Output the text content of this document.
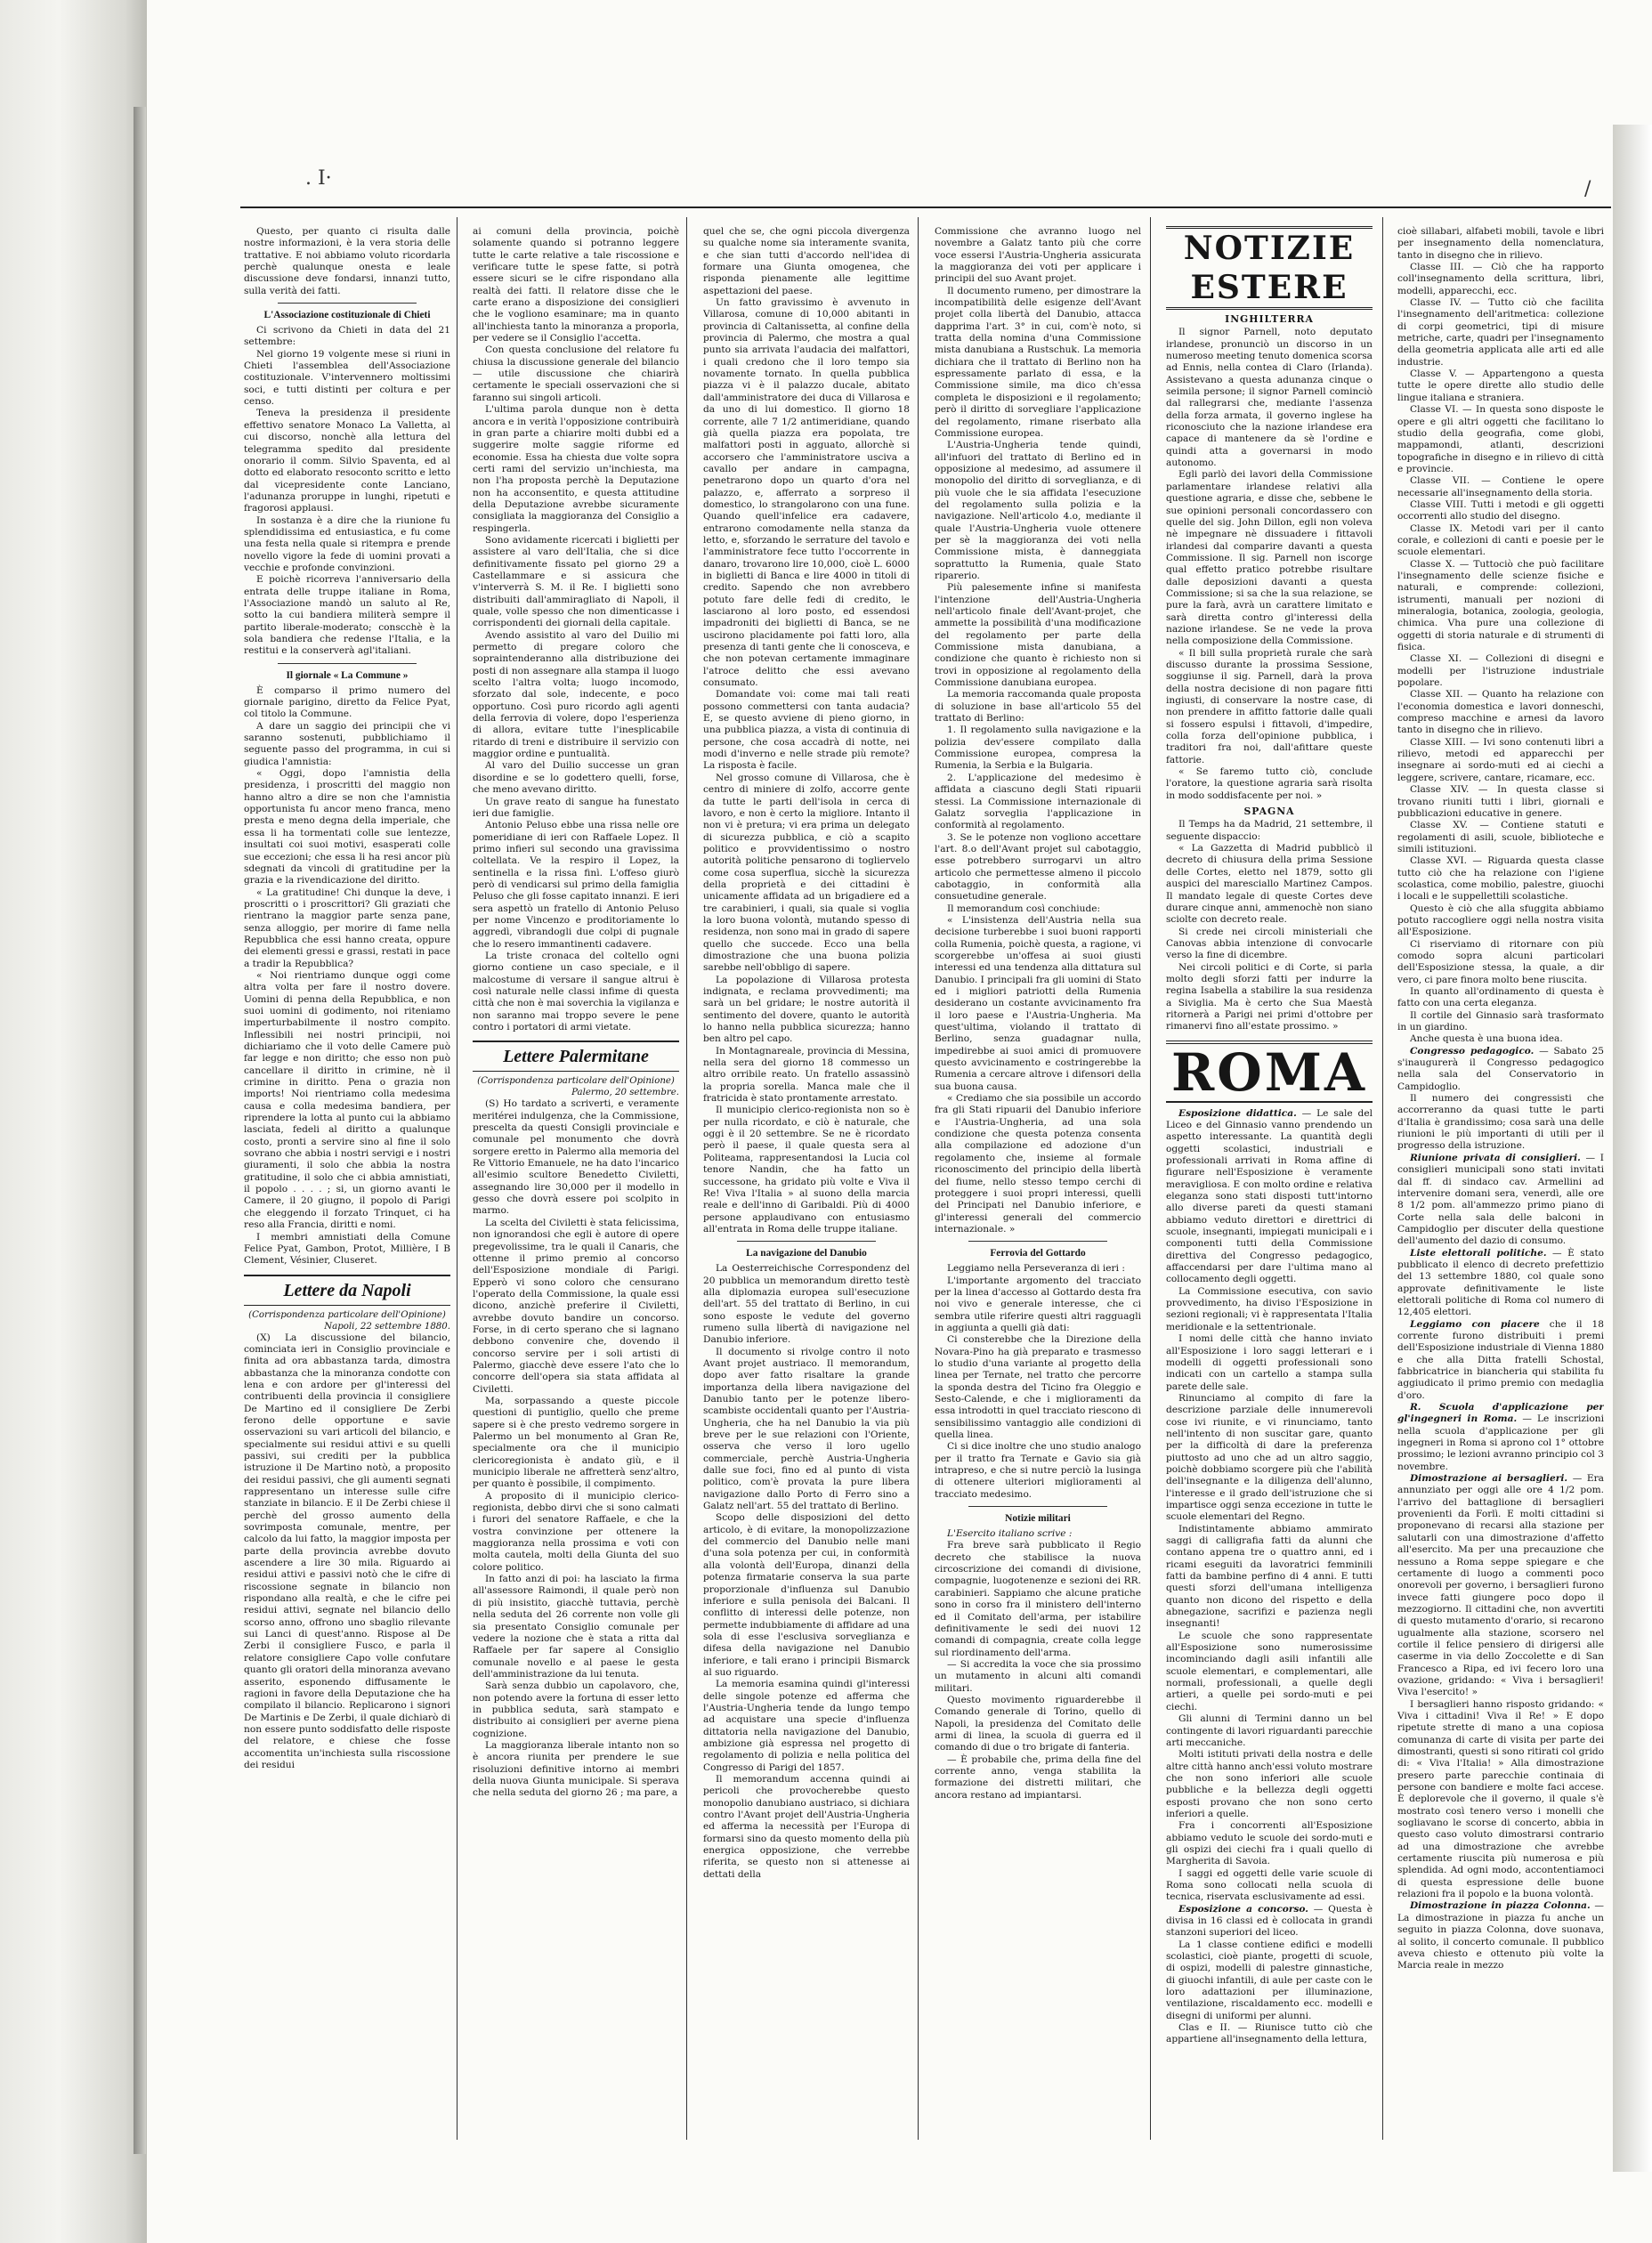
. I·	/

Questo, per quanto ci risulta dalle nostre informazioni, è la vera storia delle trattative. E noi abbiamo voluto ricordarla perchè qualunque onesta e leale discussione deve fondarsi, innanzi tutto, sulla verità dei fatti.

L'Associazione costituzionale di Chieti

Ci scrivono da Chieti in data del 21 settembre:

Nel giorno 19 volgente mese si riuni in Chieti l'assemblea dell'Associazione costituzionale. V'intervennero moltissimi soci, e tutti distinti per coltura e per censo.

Teneva la presidenza il presidente effettivo senatore Monaco La Valletta, al cui discorso, nonchè alla lettura del telegramma spedito dal presidente onorario il comm. Silvio Spaventa, ed al dotto ed elaborato resoconto scritto e letto dal vicepresidente conte Lanciano, l'adunanza proruppe in lunghi, ripetuti e fragorosi applausi.

In sostanza è a dire che la riunione fu splendidissima ed entusiastica, e fu come una festa nella quale si ritempra e prende novello vigore la fede di uomini provati a vecchie e profonde convinzioni.

E poichè ricorreva l'anniversario della entrata delle truppe italiane in Roma, l'Associazione mandò un saluto al Re, sotto la cui bandiera militerà sempre il partito liberale-moderato; conscchè è la sola bandiera che redense l'Italia, e la restitui e la conserverà agl'italiani.

Il giornale « La Commune »

È comparso il primo numero del giornale parigino, diretto da Felice Pyat, col titolo la Commune.

A dare un saggio dei principii che vi saranno sostenuti, pubblichiamo il seguente passo del programma, in cui si giudica l'amnistia:

« Oggi, dopo l'amnistia della presidenza, i proscritti del maggio non hanno altro a dire se non che l'amnistia opportunista fu ancor meno franca, meno presta e meno degna della imperiale, che essa li ha tormentati colle sue lentezze, insultati coi suoi motivi, esasperati colle sue eccezioni; che essa li ha resi ancor più sdegnati da vincoli di gratitudine per la grazia e la rivendicazione del diritto.

« La gratitudine! Chi dunque la deve, i proscritti o i proscrittori? Gli graziati che rientrano la maggior parte senza pane, senza alloggio, per morire di fame nella Repubblica che essi hanno creata, oppure dei elementi gressi e grassi, restati in pace a tradir la Repubblica?

« Noi rientriamo dunque oggi come altra volta per fare il nostro dovere. Uomini di penna della Repubblica, e non suoi uomini di godimento, noi riteniamo imperturbabilmente il nostro compito. Inflessibili nei nostri principii, noi dichiariamo che il voto delle Camere può far legge e non diritto; che esso non può cancellare il diritto in crimine, nè il crimine in diritto. Pena o grazia non imports! Noi rientriamo colla medesima causa e colla medesima bandiera, per riprendere la lotta al punto cui la abbiamo lasciata, fedeli al diritto a qualunque costo, pronti a servire sino al fine il solo sovrano che abbia i nostri servigi e i nostri giuramenti, il solo che abbia la nostra gratitudine, il solo che ci abbia amnistiati, il popolo . . . . ; si, un giorno avanti le Camere, il 20 giugno, il popolo di Parigi che eleggendo il forzato Trinquet, ci ha reso alla Francia, diritti e nomi.

I membri amnistiati della Comune Felice Pyat, Gambon, Protot, Millière, I B Clement, Vésinier, Cluseret.

Lettere da Napoli
(Corrispondenza particolare dell'Opinione)
Napoli, 22 settembre 1880.

(X) La discussione del bilancio, cominciata ieri in Consiglio provinciale e finita ad ora abbastanza tarda, dimostra abbastanza che la minoranza condotte con lena e con ardore per gl'interessi del contribuenti della provincia il consigliere De Martino ed il consigliere De Zerbi ferono delle opportune e savie osservazioni su vari articoli del bilancio, e specialmente sui residui attivi e su quelli passivi, sui crediti per la pubblica istruzione il De Martino notò, a proposito dei residui passivi, che gli aumenti segnati rappresentano un interesse sulle cifre stanziate in bilancio. E il De Zerbi chiese il perchè del grosso aumento della sovrimposta comunale, mentre, per calcolo da lui fatto, la maggior imposta per parte della provincia avrebbe dovuto ascendere a lire 30 mila. Riguardo ai residui attivi e passivi notò che le cifre di riscossione segnate in bilancio non rispondano alla realtà, e che le cifre pei residui attivi, segnate nel bilancio dello scorso anno, offrono uno sbaglio rilevante sui Lanci di quest'anno. Rispose al De Zerbi il consigliere Fusco, e parla il relatore consigliere Capo volle confutare quanto gli oratori della minoranza avevano asserito, esponendo diffusamente le ragioni in favore della Deputazione che ha compilato il bilancio. Replicarono i signori De Martinis e De Zerbi, il quale dichiarò di non essere punto soddisfatto delle risposte del relatore, e chiese che fosse accomentita un'inchiesta sulla riscossione dei residui

ai comuni della provincia, poichè solamente quando si potranno leggere tutte le carte relative a tale riscossione e verificare tutte le spese fatte, si potrà essere sicuri se le cifre rispondano alla realtà dei fatti. Il relatore disse che le carte erano a disposizione dei consiglieri che le vogliono esaminare; ma in quanto all'inchiesta tanto la minoranza a proporla, per vedere se il Consiglio l'accetta.

Con questa conclusione del relatore fu chiusa la discussione generale del bilancio — utile discussione che chiarirà certamente le speciali osservazioni che si faranno sui singoli articoli.

L'ultima parola dunque non è detta ancora e in verità l'opposizione contribuirà in gran parte a chiarire molti dubbi ed a suggerire molte saggie riforme ed economie. Essa ha chiesta due volte sopra certi rami del servizio un'inchiesta, ma non l'ha proposta perchè la Deputazione non ha acconsentito, e questa attitudine della Deputazione avrebbe sicuramente consigliata la maggioranza del Consiglio a respingerla.

Sono avidamente ricercati i biglietti per assistere al varo dell'Italia, che si dice definitivamente fissato pel giorno 29 a Castellammare e si assicura che v'interverrà S. M. il Re. I biglietti sono distribuiti dall'ammiragliato di Napoli, il quale, volle spesso che non dimenticasse i corrispondenti dei giornali della capitale.

Avendo assistito al varo del Duilio mi permetto di pregare coloro che sopraintenderanno alla distribuzione dei posti di non assegnare alla stampa il luogo scelto l'altra volta; luogo incomodo, sforzato dal sole, indecente, e poco opportuno. Così puro ricordo agli agenti della ferrovia di volere, dopo l'esperienza di allora, evitare tutte l'inesplicabile ritardo di treni e distribuire il servizio con maggior ordine e puntualità.

Al varo del Duilio successe un gran disordine e se lo godettero quelli, forse, che meno avevano diritto.

Un grave reato di sangue ha funestato ieri due famiglie.

Antonio Peluso ebbe una rissa nelle ore pomeridiane di ieri con Raffaele Lopez. Il primo infieri sul secondo una gravissima coltellata. Ve la respiro il Lopez, la sentinella e la rissa finì. L'offeso giurò però di vendicarsi sul primo della famiglia Peluso che gli fosse capitato innanzi. E ieri sera aspettò un fratello di Antonio Peluso per nome Vincenzo e proditoriamente lo aggredì, vibrandogli due colpi di pugnale che lo resero immantinenti cadavere.

La triste cronaca del coltello ogni giorno contiene un caso speciale, e il malcostume di versare il sangue altrui è così naturale nelle classi infime di questa città che non è mai soverchia la vigilanza e non saranno mai troppo severe le pene contro i portatori di armi vietate.

Lettere Palermitane
(Corrispondenza particolare dell'Opinione)
Palermo, 20 settembre.

(S) Ho tardato a scriverti, e veramente meritérei indulgenza, che la Commissione, prescelta da questi Consigli provinciale e comunale pel monumento che dovrà sorgere eretto in Palermo alla memoria del Re Vittorio Emanuele, ne ha dato l'incarico all'esimio scultore Benedetto Civiletti, assegnando lire 30,000 per il modello in gesso che dovrà essere poi scolpito in marmo.

La scelta del Civiletti è stata felicissima, non ignorandosi che egli è autore di opere pregevolissime, tra le quali il Canaris, che ottenne il primo premio al concorso dell'Esposizione mondiale di Parigi. Epperò vi sono coloro che censurano l'operato della Commissione, la quale essi dicono, anzichè preferire il Civiletti, avrebbe dovuto bandire un concorso. Forse, in di certo sperano che si lagnano debbono convenire che, dovendo il concorso servire per i soli artisti di Palermo, giacchè deve essere l'ato che lo concorre dell'opera sia stata affidata al Civiletti.

Ma, sorpassando a queste piccole questioni di puntiglio, quello che preme sapere si è che presto vedremo sorgere in Palermo un bel monumento al Gran Re, specialmente ora che il municipio clericoregionista è andato giù, e il municipio liberale ne affretterà senz'altro, per quanto è possibile, il compimento.

A proposito di il municipio clerico-regionista, debbo dirvi che si sono calmati i furori del senatore Raffaele, e che la vostra convinzione per ottenere la maggioranza nella prossima e voti con molta cautela, molti della Giunta del suo colore politico.

In fatto anzi di poi: ha lasciato la firma all'assessore Raimondi, il quale però non di più insistito, giacchè tuttavia, perchè nella seduta del 26 corrente non volle gli sia presentato Consiglio comunale per vedere la nozione che è stata a ritta dal Raffaele per far sapere al Consiglio comunale novello e al paese le gesta dell'amministrazione da lui tenuta.

Sarà senza dubbio un capolavoro, che, non potendo avere la fortuna di esser letto in pubblica seduta, sarà stampato e distribuito ai consiglieri per averne piena cognizione.

La maggioranza liberale intanto non so è ancora riunita per prendere le sue risoluzioni definitive intorno ai membri della nuova Giunta municipale. Si sperava che nella seduta del giorno 26 ; ma pare, a

quel che se, che ogni piccola divergenza su qualche nome sia interamente svanita, e che sian tutti d'accordo nell'idea di formare una Giunta omogenea, che risponda pienamente alle legittime aspettazioni del paese.

Un fatto gravissimo è avvenuto in Villarosa, comune di 10,000 abitanti in provincia di Caltanissetta, al confine della provincia di Palermo, che mostra a qual punto sia arrivata l'audacia dei malfattori, i quali credono che il loro tempo sia novamente tornato. In quella pubblica piazza vi è il palazzo ducale, abitato dall'amministratore dei duca di Villarosa e da uno di lui domestico. Il giorno 18 corrente, alle 7 1/2 antimeridiane, quando già quella piazza era popolata, tre malfattori posti in agguato, allorchè si accorsero che l'amministratore usciva a cavallo per andare in campagna, penetrarono dopo un quarto d'ora nel palazzo, e, afferrato a sorpreso il domestico, lo strangolarono con una fune. Quando quell'infelice era cadavere, entrarono comodamente nella stanza da letto, e, sforzando le serrature del tavolo e l'amministratore fece tutto l'occorrente in danaro, trovarono lire 10,000, cioè L. 6000 in biglietti di Banca e lire 4000 in titoli di credito. Sapendo che non avrebbero potuto fare delle fedi di credito, le lasciarono al loro posto, ed essendosi impadroniti dei biglietti di Banca, se ne uscirono placidamente poi fatti loro, alla presenza di tanti gente che li conosceva, e che non potevan certamente immaginare l'atroce delitto che essi avevano consumato.

Domandate voi: come mai tali reati possono commettersi con tanta audacia? E, se questo avviene di pieno giorno, in una pubblica piazza, a vista di continuia di persone, che cosa accadrà di notte, nei modi d'inverno e nelle strade più remote? La risposta è facile.

Nel grosso comune di Villarosa, che è centro di miniere di zolfo, accorre gente da tutte le parti dell'isola in cerca di lavoro, e non è certo la migliore. Intanto il non vi è pretura; vi era prima un delegato di sicurezza pubblica, e ciò a scapito politico e provvidentissimo o nostro autorità politiche pensarono di togliervelo come cosa superflua, sicchè la sicurezza della proprietà e dei cittadini è unicamente affidata ad un brigadiere ed a tre carabinieri, i quali, sia quale si voglia la loro buona volontà, mutando spesso di residenza, non sono mai in grado di sapere quello che succede. Ecco una bella dimostrazione che una buona polizia sarebbe nell'obbligo di sapere.

La popolazione di Villarosa protesta indignata, e reclama provvedimenti; ma sarà un bel gridare; le nostre autorità il sentimento del dovere, quanto le autorità lo hanno nella pubblica sicurezza; hanno ben altro pel capo.

In Montagnareale, provincia di Messina, nella sera del giorno 18 commesso un altro orribile reato. Un fratello assassinò la propria sorella. Manca male che il fratricida è stato prontamente arrestato.

Il municipio clerico-regionista non so è per nulla ricordato, e ciò è naturale, che oggi è il 20 settembre. Se ne è ricordato però il paese, il quale questa sera al Politeama, rappresentandosi la Lucia col tenore Nandin, che ha fatto un successone, ha gridato più volte e Viva il Re! Viva l'Italia » al suono della marcia reale e dell'inno di Garibaldi. Più di 4000 persone applaudivano con entusiasmo all'entrata in Roma delle truppe italiane.

La navigazione del Danubio

La Oesterreichische Correspondenz del 20 pubblica un memorandum diretto testè alla diplomazia europea sull'esecuzione dell'art. 55 del trattato di Berlino, in cui sono esposte le vedute del governo rumeno sulla libertà di navigazione nel Danubio inferiore.

Il documento si rivolge contro il noto Avant projet austriaco. Il memorandum, dopo aver fatto risaltare la grande importanza della libera navigazione del Danubio tanto per le potenze libero-scambiste occidentali quanto per l'Austria-Ungheria, che ha nel Danubio la via più breve per le sue relazioni con l'Oriente, osserva che verso il loro ugello commerciale, perchè Austria-Ungheria dalle sue foci, fino ed al punto di vista politico, com'è provata la pure libera navigazione dallo Porto di Ferro sino a Galatz nell'art. 55 del trattato di Berlino.

Scopo delle disposizioni del detto articolo, è di evitare, la monopolizzazione del commercio del Danubio nelle mani d'una sola potenza per cui, in conformità alla volontà dell'Europa, dinanzi della potenza firmatarie conserva la sua parte proporzionale d'influenza sul Danubio inferiore e sulla penisola dei Balcani. Il conflitto di interessi delle potenze, non permette indubbiamente di affidare ad una sola di esse l'esclusiva sorveglianza e difesa della navigazione nel Danubio inferiore, e tali erano i principii Bismarck al suo riguardo.

La memoria esamina quindi gl'interessi delle singole potenze ed afferma che l'Austria-Ungheria tende da lungo tempo ad acquistare una specie d'influenza dittatoria nella navigazione del Danubio, ambizione già espressa nel progetto di regolamento di polizia e nella politica del Congresso di Parigi del 1857.

Il memorandum accenna quindi ai pericoli che provocherebbe questo monopolio danubiano austriaco, si dichiara contro l'Avant projet dell'Austria-Ungheria ed afferma la necessità per l'Europa di formarsi sino da questo momento della più energica opposizione, che verrebbe riferita, se questo non si attenesse ai dettati della

Commissione che avranno luogo nel novembre a Galatz tanto più che corre voce essersi l'Austria-Ungheria assicurata la maggioranza dei voti per applicare i principii del suo Avant projet.

Il documento rumeno, per dimostrare la incompatibilità delle esigenze dell'Avant projet colla libertà del Danubio, attacca dapprima l'art. 3° in cui, com'è noto, si tratta della nomina d'una Commissione mista danubiana a Rustschuk. La memoria dichiara che il trattato di Berlino non ha espressamente parlato di essa, e la Commissione simile, ma dico ch'essa completa le disposizioni e il regolamento; però il diritto di sorvegliare l'applicazione del regolamento, rimane riserbato alla Commissione europea.

L'Austria-Ungheria tende quindi, all'infuori del trattato di Berlino ed in opposizione al medesimo, ad assumere il monopolio del diritto di sorveglianza, e di più vuole che le sia affidata l'esecuzione del regolamento sulla polizia e la navigazione. Nell'articolo 4.o, mediante il quale l'Austria-Ungheria vuole ottenere per sè la maggioranza dei voti nella Commissione mista, è danneggiata soprattutto la Rumenia, quale Stato riparerio.

Più palesemente infine si manifesta l'intenzione dell'Austria-Ungheria nell'articolo finale dell'Avant-projet, che ammette la possibilità d'una modificazione del regolamento per parte della Commissione mista danubiana, a condizione che quanto è richiesto non si trovi in opposizione al regolamento della Commissione danubiana europea.

La memoria raccomanda quale proposta di soluzione in base all'articolo 55 del trattato di Berlino:

1. Il regolamento sulla navigazione e la polizia dev'essere compilato dalla Commissione europea, compresa la Rumenia, la Serbia e la Bulgaria.

2. L'applicazione del medesimo è affidata a ciascuno degli Stati ripuarii stessi. La Commissione internazionale di Galatz sorveglia l'applicazione in conformità al regolamento.

3. Se le potenze non vogliono accettare l'art. 8.o dell'Avant projet sul cabotaggio, esse potrebbero surrogarvi un altro articolo che permettesse almeno il piccolo cabotaggio, in conformità alla consuetudine generale.

Il memorandum così conchiude:

« L'insistenza dell'Austria nella sua decisione turberebbe i suoi buoni rapporti colla Rumenia, poichè questa, a ragione, vi scorgerebbe un'offesa ai suoi giusti interessi ed una tendenza alla dittatura sul Danubio. I principali fra gli uomini di Stato ed i migliori patriotti della Rumenia desiderano un costante avvicinamento fra il loro paese e l'Austria-Ungheria. Ma quest'ultima, violando il trattato di Berlino, senza guadagnar nulla, impedirebbe ai suoi amici di promuovere questo avvicinamento e costringerebbe la Rumenia a cercare altrove i difensori della sua buona causa.

« Crediamo che sia possibile un accordo fra gli Stati ripuarii del Danubio inferiore e l'Austria-Ungheria, ad una sola condizione che questa potenza consenta alla compilazione ed adozione d'un regolamento che, insieme al formale riconoscimento del principio della libertà del fiume, nello stesso tempo cerchi di proteggere i suoi propri interessi, quelli del Principati nel Danubio inferiore, e gl'interessi generali del commercio internazionale. »

Ferrovia del Gottardo

Leggiamo nella Perseveranza di ieri :

L'importante argomento del tracciato per la linea d'accesso al Gottardo desta fra noi vivo e generale interesse, che ci sembra utile riferire questi altri ragguagli in aggiunta a quelli già dati:

Ci consterebbe che la Direzione della Novara-Pino ha già preparato e trasmesso lo studio d'una variante al progetto della linea per Ternate, nel tratto che percorre la sponda destra del Ticino fra Oleggio e Sesto-Calende, e che i miglioramenti da essa introdotti in quel tracciato riescono di sensibilissimo vantaggio alle condizioni di quella linea.

Ci si dice inoltre che uno studio analogo per il tratto fra Ternate e Gavio sia già intrapreso, e che si nutre perciò la lusinga di ottenere ulteriori miglioramenti al tracciato medesimo.

Notizie militari

L'Esercito italiano scrive :

Fra breve sarà pubblicato il Regio decreto che stabilisce la nuova circoscrizione dei comandi di divisione, compagnie, luogotenenze e sezioni dei RR. carabinieri. Sappiamo che alcune pratiche sono in corso fra il ministero dell'interno ed il Comitato dell'arma, per istabilire definitivamente le sedi dei nuovi 12 comandi di compagnia, create colla legge sul riordinamento dell'arma.

— Si accredita la voce che sia prossimo un mutamento in alcuni alti comandi militari.

Questo movimento riguarderebbe il Comando generale di Torino, quello di Napoli, la presidenza del Comitato delle armi di linea, la scuola di guerra ed il comando di due o tro brigate di fanteria.

— È probabile che, prima della fine del corrente anno, venga stabilita la formazione dei distretti militari, che ancora restano ad impiantarsi.

NOTIZIE ESTERE
INGHILTERRA

Il signor Parnell, noto deputato irlandese, pronunciò un discorso in un numeroso meeting tenuto domenica scorsa ad Ennis, nella contea di Claro (Irlanda). Assistevano a questa adunanza cinque o seimila persone; il signor Parnell cominciò dal rallegrarsi che, mediante l'assenza della forza armata, il governo inglese ha riconosciuto che la nazione irlandese era capace di mantenere da sè l'ordine e quindi atta a governarsi in modo autonomo.

Egli parlò dei lavori della Commissione parlamentare irlandese relativi alla questione agraria, e disse che, sebbene le sue opinioni personali concordassero con quelle del sig. John Dillon, egli non voleva nè impegnare nè dissuadere i fittavoli irlandesi dal comparire davanti a questa Commissione. Il sig. Parnell non iscorge qual effetto pratico potrebbe risultare dalle deposizioni davanti a questa Commissione; si sa che la sua relazione, se pure la farà, avrà un carattere limitato e sarà diretta contro gl'interessi della nazione irlandese. Se ne vede la prova nella composizione della Commissione.

« Il bill sulla proprietà rurale che sarà discusso durante la prossima Sessione, soggiunse il sig. Parnell, darà la prova della nostra decisione di non pagare fitti ingiusti, di conservare la nostre case, di non prendere in affitto fattorie dalle quali si fossero espulsi i fittavoli, d'impedire, colla forza dell'opinione pubblica, i traditori fra noi, dall'afittare queste fattorie.

« Se faremo tutto ciò, conclude l'oratore, la questione agraria sarà risolta in modo soddisfacente per noi. »

SPAGNA

Il Temps ha da Madrid, 21 settembre, il seguente dispaccio:

« La Gazzetta di Madrid pubblicò il decreto di chiusura della prima Sessione delle Cortes, eletto nel 1879, sotto gli auspici del maresciallo Martinez Campos. Il mandato legale di queste Cortes deve durare cinque anni, ammenochè non siano sciolte con decreto reale.

Si crede nei circoli ministeriali che Canovas abbia intenzione di convocarle verso la fine di dicembre.

Nei circoli politici e di Corte, si parla molto degli sforzi fatti per indurre la regina Isabella a stabilire la sua residenza a Siviglia. Ma è certo che Sua Maestà ritornerà a Parigi nei primi d'ottobre per rimanervi fino all'estate prossimo. »

ROMA

Esposizione didattica. — Le sale del Liceo e del Ginnasio vanno prendendo un aspetto interessante. La quantità degli oggetti scolastici, industriali e professionali arrivati in Roma affine di figurare nell'Esposizione è veramente meravigliosa. E con molto ordine e relativa eleganza sono stati disposti tutt'intorno allo diverse pareti da questi stamani abbiamo veduto direttori e direttrici di scuole, insegnanti, impiegati municipali e i componenti tutti della Commissione direttiva del Congresso pedagogico, affaccendarsi per dare l'ultima mano al collocamento degli oggetti.

La Commissione esecutiva, con savio provvedimento, ha diviso l'Esposizione in sezioni regionali; vi è rappresentata l'Italia meridionale e la settentrionale.

I nomi delle città che hanno inviato all'Esposizione i loro saggi letterari e i modelli di oggetti professionali sono indicati con un cartello a stampa sulla parete delle sale.

Rinunciamo al compito di fare la descrizione parziale delle innumerevoli cose ivi riunite, e vi rinunciamo, tanto nell'intento di non suscitar gare, quanto per la difficoltà di dare la preferenza piuttosto ad uno che ad un altro saggio, poichè dobbiamo scorgere più che l'abilità dell'insegnante e la diligenza dell'alunno, l'interesse e il grado dell'istruzione che si impartisce oggi senza eccezione in tutte le scuole elementari del Regno.

Indistintamente abbiamo ammirato saggi di calligrafia fatti da alunni che contano appena tre o quattro anni, ed i ricami eseguiti da lavoratrici femminili fatti da bambine perfino di 4 anni. E tutti questi sforzi dell'umana intelligenza quanto non dicono del rispetto e della abnegazione, sacrifizi e pazienza negli insegnanti!

Le scuole che sono rappresentate all'Esposizione sono numerosissime incominciando dagli asili infantili alle scuole elementari, e complementari, alle normali, professionali, a quelle degli artieri, a quelle pei sordo-muti e pei ciechi.

Gli alunni di Termini danno un bel contingente di lavori riguardanti parecchie arti meccaniche.

Molti istituti privati della nostra e delle altre città hanno anch'essi voluto mostrare che non sono inferiori alle scuole pubbliche e la bellezza degli oggetti esposti provano che non sono certo inferiori a quelle.

Fra i concorrenti all'Esposizione abbiamo veduto le scuole dei sordo-muti e gli ospizi dei ciechi fra i quali quello di Margherita di Savoia.

I saggi ed oggetti delle varie scuole di Roma sono collocati nella scuola di tecnica, riservata esclusivamente ad essi.

Esposizione a concorso. — Questa è divisa in 16 classi ed è collocata in grandi stanzoni superiori del liceo.

La 1 classe contiene edifici e modelli scolastici, cioè piante, progetti di scuole, di ospizi, modelli di palestre ginnastiche, di giuochi infantili, di aule per caste con le loro adattazioni per illuminazione, ventilazione, riscaldamento ecc. modelli e disegni di uniformi per alunni.

Clas e II. — Riunisce tutto ciò che appartiene all'insegnamento della lettura,

cioè sillabari, alfabeti mobili, tavole e libri per insegnamento della nomenclatura, tanto in disegno che in rilievo.

Classe III. — Ciò che ha rapporto coll'insegnamento della scrittura, libri, modelli, apparecchi, ecc.

Classe IV. — Tutto ciò che facilita l'insegnamento dell'aritmetica: collezione di corpi geometrici, tipi di misure metriche, carte, quadri per l'insegnamento della geometria applicata alle arti ed alle industrie.

Classe V. — Appartengono a questa tutte le opere dirette allo studio delle lingue italiana e straniera.

Classe VI. — In questa sono disposte le opere e gli altri oggetti che facilitano lo studio della geografia, come globi, mappamondi, atlanti, descrizioni topografiche in disegno e in rilievo di città e provincie.

Classe VII. — Contiene le opere necessarie all'insegnamento della storia.

Classe VIII. Tutti i metodi e gli oggetti occorrenti allo studio del disegno.

Classe IX. Metodi vari per il canto corale, e collezioni di canti e poesie per le scuole elementari.

Classe X. — Tuttociò che può facilitare l'insegnamento delle scienze fisiche e naturali, e comprende: collezioni, istrumenti, manuali per nozioni di mineralogia, botanica, zoologia, geologia, chimica. Vha pure una collezione di oggetti di storia naturale e di strumenti di fisica.

Classe XI. — Collezioni di disegni e modelli per l'istruzione industriale popolare.

Classe XII. — Quanto ha relazione con l'economia domestica e lavori donneschi, compreso macchine e arnesi da lavoro tanto in disegno che in rilievo.

Classe XIII. — Ivi sono contenuti libri a rilievo, metodi ed apparecchi per insegnare ai sordo-muti ed ai ciechi a leggere, scrivere, cantare, ricamare, ecc.

Classe XIV. — In questa classe si trovano riuniti tutti i libri, giornali e pubblicazioni educative in genere.

Classe XV. — Contiene statuti e regolamenti di asili, scuole, biblioteche e simili istituzioni.

Classe XVI. — Riguarda questa classe tutto ciò che ha relazione con l'igiene scolastica, come mobilio, palestre, giuochi i locali e le suppellettili scolastiche.

Questo è ciò che alla sfuggita abbiamo potuto raccogliere oggi nella nostra visita all'Esposizione.

Ci riserviamo di ritornare con più comodo sopra alcuni particolari dell'Esposizione stessa, la quale, a dir vero, ci pare finora molto bene riuscita.

In quanto all'ordinamento di questa è fatto con una certa eleganza.

Il cortile del Ginnasio sarà trasformato in un giardino.

Anche questa è una buona idea.

Congresso pedagogico. — Sabato 25 s'inaugurerà il Congresso pedagogico nella sala del Conservatorio in Campidoglio.

Il numero dei congressisti che accorreranno da quasi tutte le parti d'Italia è grandissimo; cosa sarà una delle riunioni le più importanti di utili per il progresso della istruzione.

Riunione privata di consiglieri. — I consiglieri municipali sono stati invitati dal ff. di sindaco cav. Armellini ad intervenire domani sera, venerdì, alle ore 8 1/2 pom. all'ammezzo primo piano di Corte nella sala delle balconi in Campidoglio per discuter della questione dell'aumento del dazio di consumo.

Liste elettorali politiche. — È stato pubblicato il elenco di decreto prefettizio del 13 settembre 1880, col quale sono approvate definitivamente le liste elettorali politiche di Roma col numero di 12,405 elettori.

Leggiamo con piacere che il 18 corrente furono distribuiti i premi dell'Esposizione industriale di Vienna 1880 e che alla Ditta fratelli Schostal, fabbricatrice in biancheria qui stabilita fu aggiudicato il primo premio con medaglia d'oro.

R. Scuola d'applicazione per gl'ingegneri in Roma. — Le inscrizioni nella scuola d'applicazione per gli ingegneri in Roma si aprono col 1° ottobre prossimo; le lezioni avranno principio col 3 novembre.

Dimostrazione ai bersaglieri. — Era annunziato per oggi alle ore 4 1/2 pom. l'arrivo del battaglione di bersaglieri provenienti da Forlì. E molti cittadini si proponevano di recarsi alla stazione per salutarli con una dimostrazione d'affetto all'esercito. Ma per una precauzione che nessuno a Roma seppe spiegare e che certamente di luogo a commenti poco onorevoli per governo, i bersaglieri furono invece fatti giungere poco dopo il mezzogiorno. Il cittadini che, non avvertiti di questo mutamento d'orario, si recarono ugualmente alla stazione, scorsero nel cortile il felice pensiero di dirigersi alle caserme in via dello Zoccolette e di San Francesco a Ripa, ed ivi fecero loro una ovazione, gridando: « Viva i bersaglieri! Viva l'esercito! »

I bersaglieri hanno risposto gridando: « Viva i cittadini! Viva il Re! » E dopo ripetute strette di mano a una copiosa comunanza di carte di visita per parte dei dimostranti, questi si sono ritirati col grido di: « Viva l'Italia! » Alla dimostrazione presero parte parecchie continaia di persone con bandiere e molte faci accese. È deplorevole che il governo, il quale s'è mostrato così tenero verso i monelli che sogliavano le scorse di concerto, abbia in questo caso voluto dimostrarsi contrario ad una dimostrazione che avrebbe certamente riuscita più numerosa e più splendida. Ad ogni modo, accontentiamoci di questa espressione delle buone relazioni fra il popolo e la buona volontà.

Dimostrazione in piazza Colonna. — La dimostrazione in piazza fu anche un seguito in piazza Colonna, dove suonava, al solito, il concerto comunale. Il pubblico aveva chiesto e ottenuto più volte la Marcia reale in mezzo
